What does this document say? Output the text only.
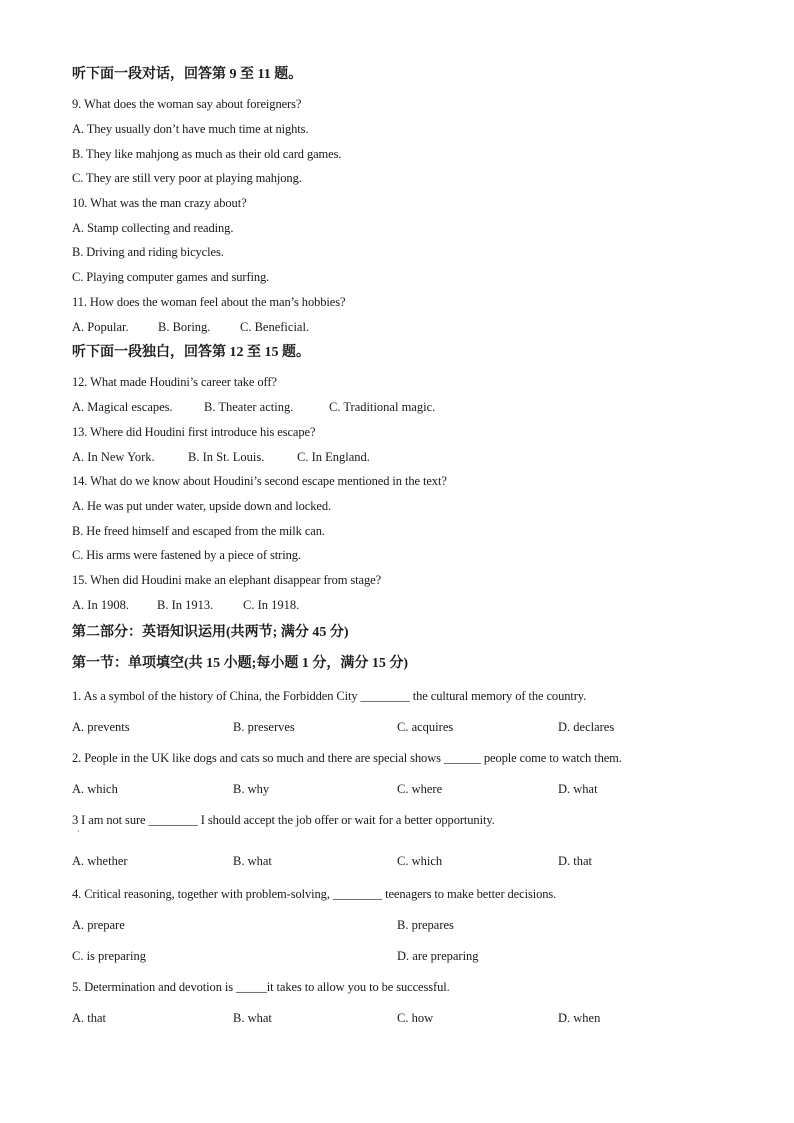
听下面一段对话，回答第 9 至 11 题。
9. What does the woman say about foreigners?
A. They usually don’t have much time at nights.
B. They like mahjong as much as their old card games.
C. They are still very poor at playing mahjong.
10. What was the man crazy about?
A. Stamp collecting and reading.
B. Driving and riding bicycles.
C. Playing computer games and surfing.
11. How does the woman feel about the man’s hobbies?
A. Popular. B. Boring. C. Beneficial.
听下面一段独白，回答第 12 至 15 题。
12. What made Houdini’s career take off?
A. Magical escapes.	B. Theater acting.	C. Traditional magic.
13. Where did Houdini first introduce his escape?
A. In New York.	B. In St. Louis.	C. In England.
14. What do we know about Houdini’s second escape mentioned in the text?
A. He was put under water, upside down and locked.
B. He freed himself and escaped from the milk can.
C. His arms were fastened by a piece of string.
15. When did Houdini make an elephant disappear from stage?
A. In 1908. B. In 1913. C. In 1918.
第二部分：英语知识运用(共两节; 满分 45 分)
第一节：单项填空(共 15 小题;每小题 1 分，满分 15 分)
1. As a symbol of the history of China, the Forbidden City ________ the cultural memory of the country.
A. prevents	B. preserves	C. acquires	D. declares
2. People in the UK like dogs and cats so much and there are special shows ______ people come to watch them.
A. which	B. why	C. where	D. what
3 I am not sure ________ I should accept the job offer or wait for a better opportunity.
·
A. whether	B. what	C. which	D. that
4. Critical reasoning, together with problem-solving, ________ teenagers to make better decisions.
A. prepare	B. prepares
C. is preparing	D. are preparing
5. Determination and devotion is _____it takes to allow you to be successful.
A. that	B. what	C. how	D. when
